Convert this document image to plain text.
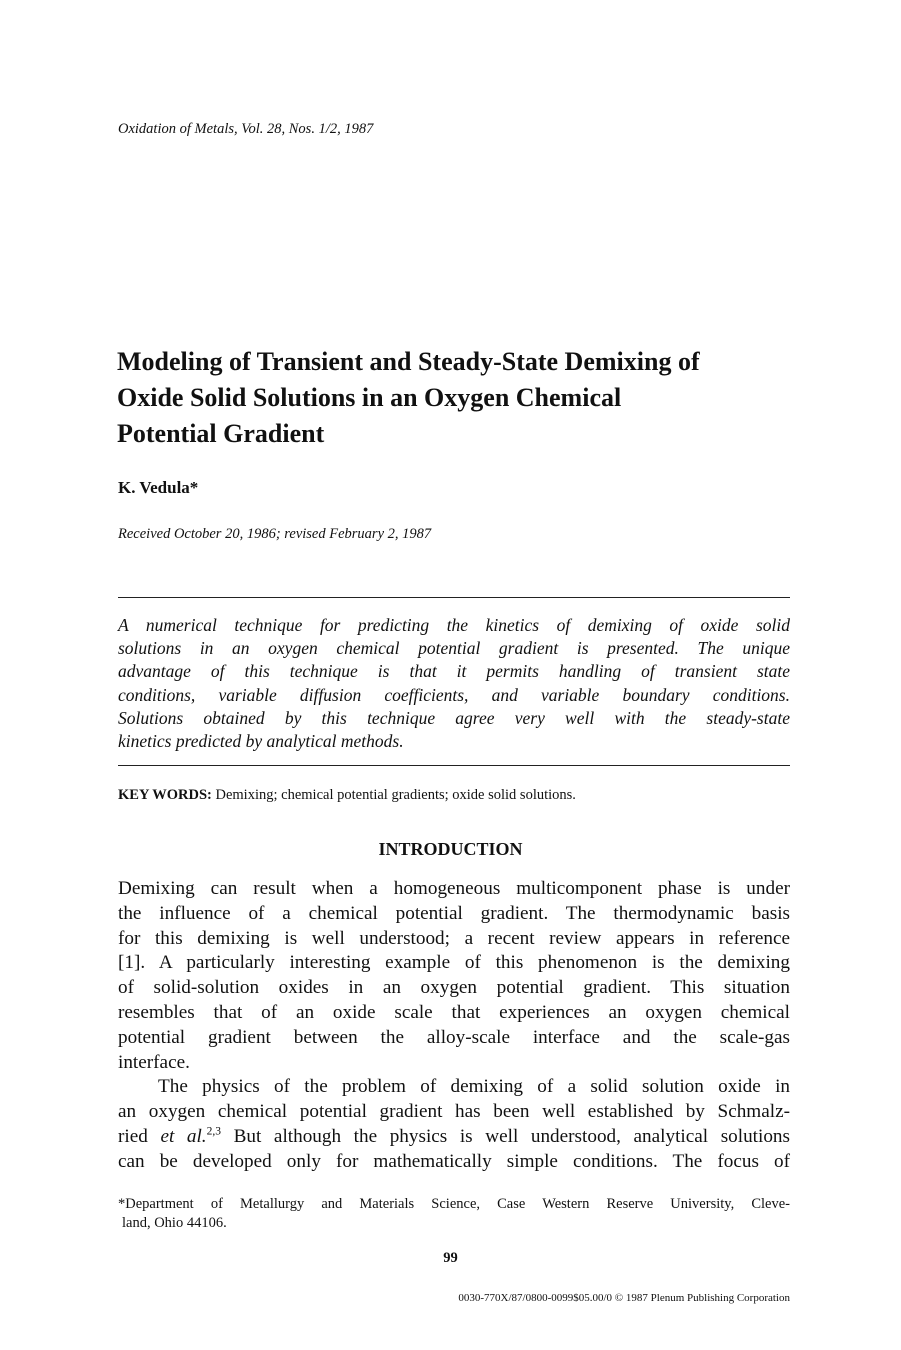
Oxidation of Metals, Vol. 28, Nos. 1/2, 1987
Modeling of Transient and Steady-State Demixing of
Oxide Solid Solutions in an Oxygen Chemical
Potential Gradient
K. Vedula*
Received October 20, 1986; revised February 2, 1987
A numerical technique for predicting the kinetics of demixing of oxide solid
solutions in an oxygen chemical potential gradient is presented. The unique
advantage of this technique is that it permits handling of transient state
conditions, variable diffusion coefficients, and variable boundary conditions.
Solutions obtained by this technique agree very well with the steady-state
kinetics predicted by analytical methods.
KEY WORDS: Demixing; chemical potential gradients; oxide solid solutions.
INTRODUCTION
Demixing can result when a homogeneous multicomponent phase is under
the influence of a chemical potential gradient. The thermodynamic basis
for this demixing is well understood; a recent review appears in reference
[1]. A particularly interesting example of this phenomenon is the demixing
of solid-solution oxides in an oxygen potential gradient. This situation
resembles that of an oxide scale that experiences an oxygen chemical
potential gradient between the alloy-scale interface and the scale-gas
interface.
The physics of the problem of demixing of a solid solution oxide in
an oxygen chemical potential gradient has been well established by Schmalz-
ried et al.$^{2,3}$ But although the physics is well understood, analytical solutions
can be developed only for mathematically simple conditions. The focus of
*Department of Metallurgy and Materials Science, Case Western Reserve University, Cleve-
land, Ohio 44106.
99
0030-770X/87/0800-0099$05.00/0 © 1987 Plenum Publishing Corporation
